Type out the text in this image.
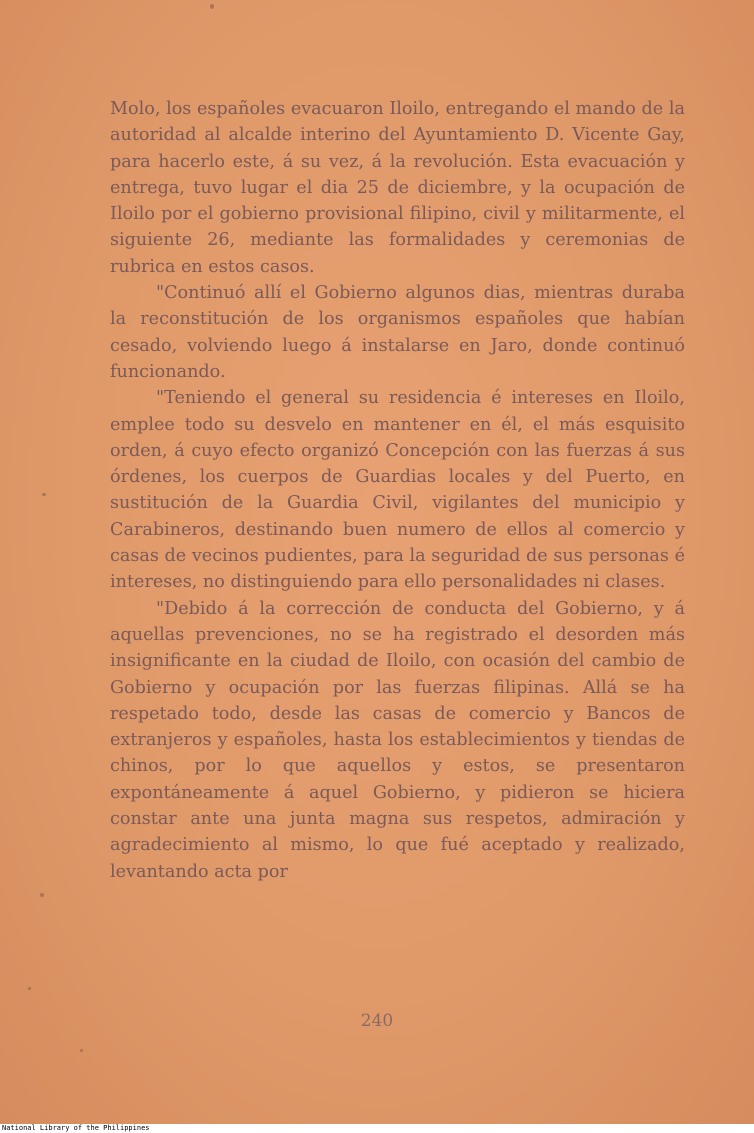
Molo, los españoles evacuaron Iloilo, entregando el mando de la autoridad al alcalde interino del Ayuntamiento D. Vicente Gay, para hacerlo este, á su vez, á la revolución. Esta evacuación y entrega, tuvo lugar el dia 25 de diciembre, y la ocupación de Iloilo por el gobierno provisional filipino, civil y militarmente, el siguiente 26, mediante las formalidades y ceremonias de rubrica en estos casos.

"Continuó allí el Gobierno algunos dias, mientras duraba la reconstitución de los organismos españoles que habían cesado, volviendo luego á instalarse en Jaro, donde continuó funcionando.

"Teniendo el general su residencia é intereses en Iloilo, emplee todo su desvelo en mantener en él, el más esquisito orden, á cuyo efecto organizó Concepción con las fuerzas á sus órdenes, los cuerpos de Guardias locales y del Puerto, en sustitución de la Guardia Civil, vigilantes del municipio y Carabineros, destinando buen numero de ellos al comercio y casas de vecinos pudientes, para la seguridad de sus personas é intereses, no distinguiendo para ello personalidades ni clases.

"Debido á la corrección de conducta del Gobierno, y á aquellas prevenciones, no se ha registrado el desorden más insignificante en la ciudad de Iloilo, con ocasión del cambio de Gobierno y ocupación por las fuerzas filipinas. Allá se ha respetado todo, desde las casas de comercio y Bancos de extranjeros y españoles, hasta los establecimientos y tiendas de chinos, por lo que aquellos y estos, se presentaron expontáneamente á aquel Gobierno, y pidieron se hiciera constar ante una junta magna sus respetos, admiración y agradecimiento al mismo, lo que fué aceptado y realizado, levantando acta por

240
National Library of the Philippines
